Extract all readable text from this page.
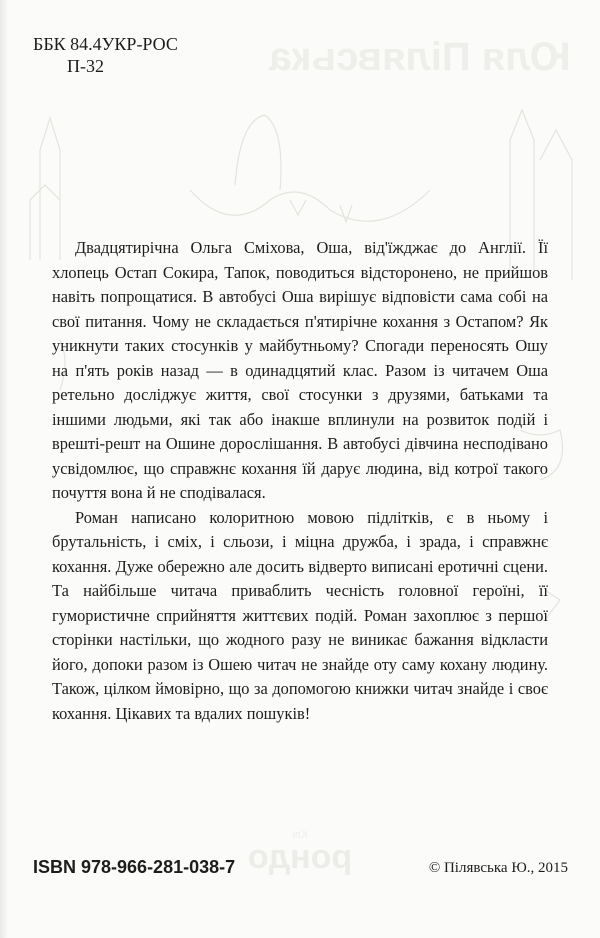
Юля Пілявська
рондо
Клі
ББК 84.4УКР-РОС
П-32

Двадцятирічна Ольга Сміхова, Оша, від'їжджає до Англії. Її хлопець Остап Сокира, Тапок, поводиться відсторонено, не прийшов навіть попрощатися. В автобусі Оша вирішує відповісти сама собі на свої питання. Чому не складається п'ятирічне кохання з Остапом? Як уникнути таких стосунків у майбутньому? Спогади переносять Ошу на п'ять років назад — в одинадцятий клас. Разом із читачем Оша ретельно досліджує життя, свої стосунки з друзями, батьками та іншими людьми, які так або інакше вплинули на розвиток подій і врешті-решт на Ошине дорослішання. В автобусі дівчина несподівано усвідомлює, що справжнє кохання їй дарує людина, від котрої такого почуття вона й не сподівалася.

Роман написано колоритною мовою підлітків, є в ньому і брутальність, і сміх, і сльози, і міцна дружба, і зрада, і справжнє кохання. Дуже обережно але досить відверто виписані еротичні сцени. Та найбільше читача приваблить чесність головної героїні, її гумористичне сприйняття життєвих подій. Роман захоплює з першої сторінки настільки, що жодного разу не виникає бажання відкласти його, допоки разом із Ошею читач не знайде оту саму кохану людину. Також, цілком ймовірно, що за допомогою книжки читач знайде і своє кохання. Цікавих та вдалих пошуків!

ISBN 978-966-281-038-7	© Пілявська Ю., 2015
